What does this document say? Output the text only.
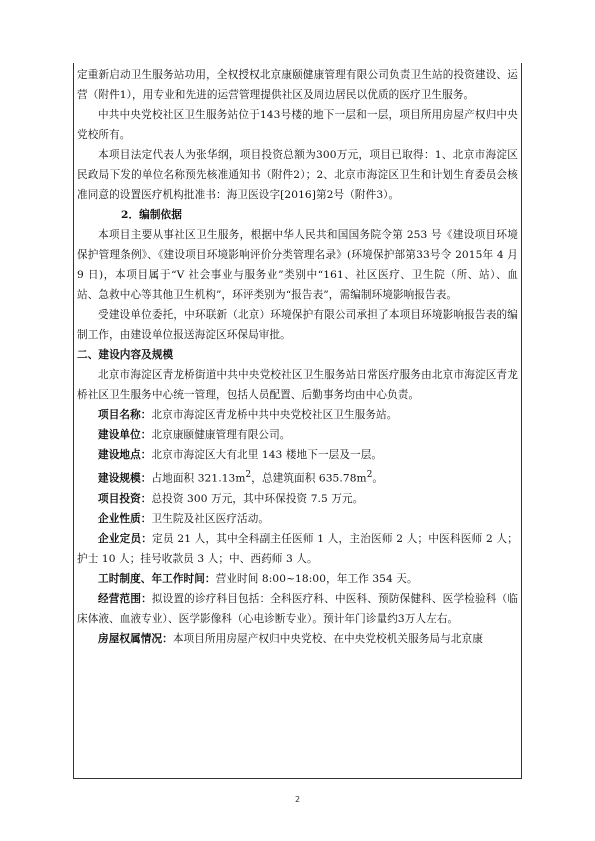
定重新启动卫生服务站功用，全权授权北京康颐健康管理有限公司负责卫生站的投资建设、运营（附件1），用专业和先进的运营管理提供社区及周边居民以优质的医疗卫生服务。

中共中央党校社区卫生服务站位于143号楼的地下一层和一层，项目所用房屋产权归中央党校所有。

本项目法定代表人为张华纲，项目投资总额为300万元，项目已取得：1、北京市海淀区民政局下发的单位名称预先核准通知书（附件2）；2、北京市海淀区卫生和计划生育委员会核准同意的设置医疗机构批准书：海卫医设字[2016]第2号（附件3）。

2．编制依据

本项目主要从事社区卫生服务，根据中华人民共和国国务院令第 253 号《建设项目环境保护管理条例》、《建设项目环境影响评价分类管理名录》(环境保护部第33号令 2015年 4 月 9 日)，本项目属于“V 社会事业与服务业”类别中“161、社区医疗、卫生院（所、站）、血站、急救中心等其他卫生机构”，环评类别为“报告表”，需编制环境影响报告表。

受建设单位委托，中环联新（北京）环境保护有限公司承担了本项目环境影响报告表的编制工作，由建设单位报送海淀区环保局审批。

二、建设内容及规模

北京市海淀区青龙桥街道中共中央党校社区卫生服务站日常医疗服务由北京市海淀区青龙桥社区卫生服务中心统一管理，包括人员配置、后勤事务均由中心负责。

项目名称：北京市海淀区青龙桥中共中央党校社区卫生服务站。

建设单位：北京康颐健康管理有限公司。

建设地点：北京市海淀区大有北里 143 楼地下一层及一层。

建设规模：占地面积 $321.13m^2$，总建筑面积 $635.78m^2$。

项目投资：总投资 300 万元，其中环保投资 7.5 万元。

企业性质：卫生院及社区医疗活动。

企业定员：定员 21 人，其中全科副主任医师 1 人，主治医师 2 人；中医科医师 2 人；护士 10 人；挂号收款员 3 人；中、西药师 3 人。

工时制度、年工作时间：营业时间 8:00~18:00，年工作 354 天。

经营范围：拟设置的诊疗科目包括：全科医疗科、中医科、预防保健科、医学检验科（临床体液、血液专业）、医学影像科（心电诊断专业）。预计年门诊量约3万人左右。

房屋权属情况：本项目所用房屋产权归中央党校、在中央党校机关服务局与北京康

2
